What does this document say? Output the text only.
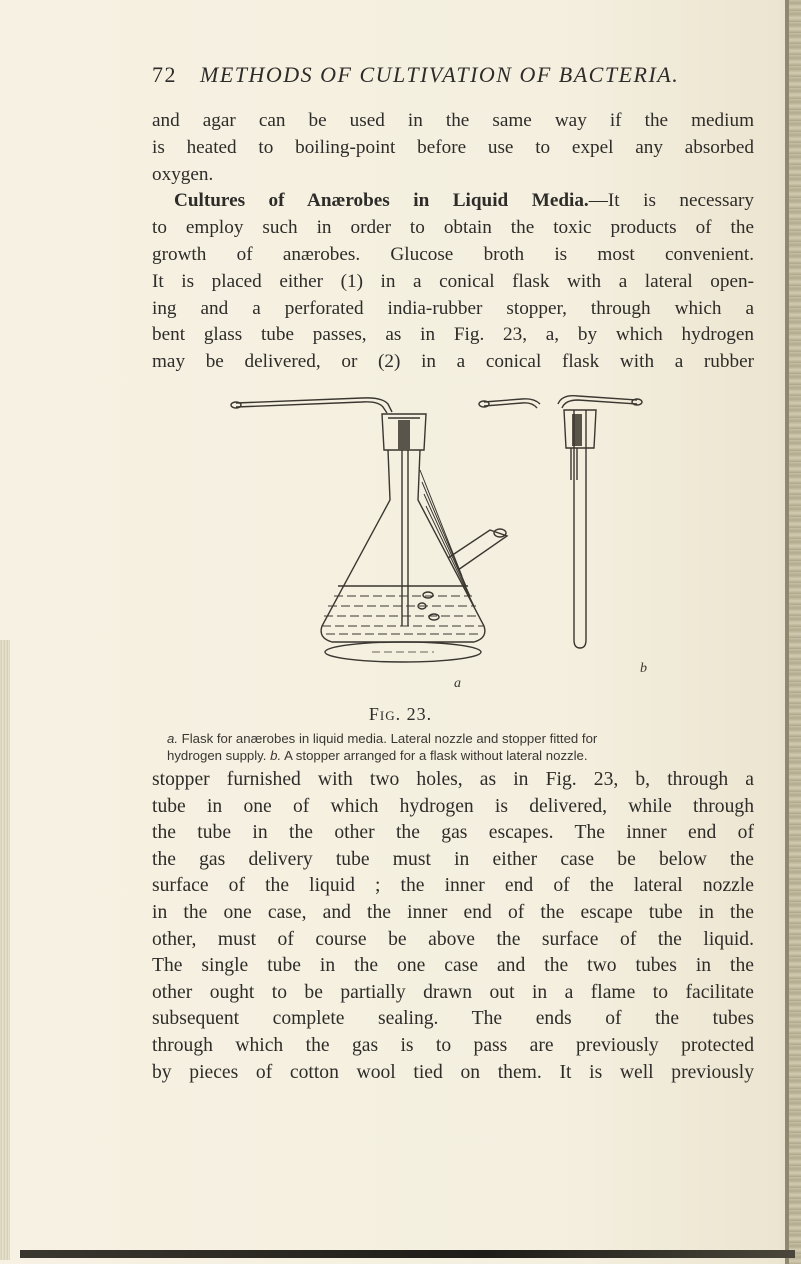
72 METHODS OF CULTIVATION OF BACTERIA.
and agar can be used in the same way if the medium
is heated to boiling-point before use to expel any absorbed
oxygen.
Cultures of Anærobes in Liquid Media.—It is necessary
to employ such in order to obtain the toxic products of the
growth of anærobes. Glucose broth is most convenient.
It is placed either (1) in a conical flask with a lateral open-
ing and a perforated india-rubber stopper, through which a
bent glass tube passes, as in Fig. 23, a, by which hydrogen
may be delivered, or (2) in a conical flask with a rubber
b
a
Fig. 23.
a. Flask for anærobes in liquid media. Lateral nozzle and stopper fitted for
hydrogen supply. b. A stopper arranged for a flask without lateral nozzle.
stopper furnished with two holes, as in Fig. 23, b, through a
tube in one of which hydrogen is delivered, while through
the tube in the other the gas escapes. The inner end of
the gas delivery tube must in either case be below the
surface of the liquid ; the inner end of the lateral nozzle
in the one case, and the inner end of the escape tube in the
other, must of course be above the surface of the liquid.
The single tube in the one case and the two tubes in the
other ought to be partially drawn out in a flame to facilitate
subsequent complete sealing. The ends of the tubes
through which the gas is to pass are previously protected
by pieces of cotton wool tied on them. It is well previously
